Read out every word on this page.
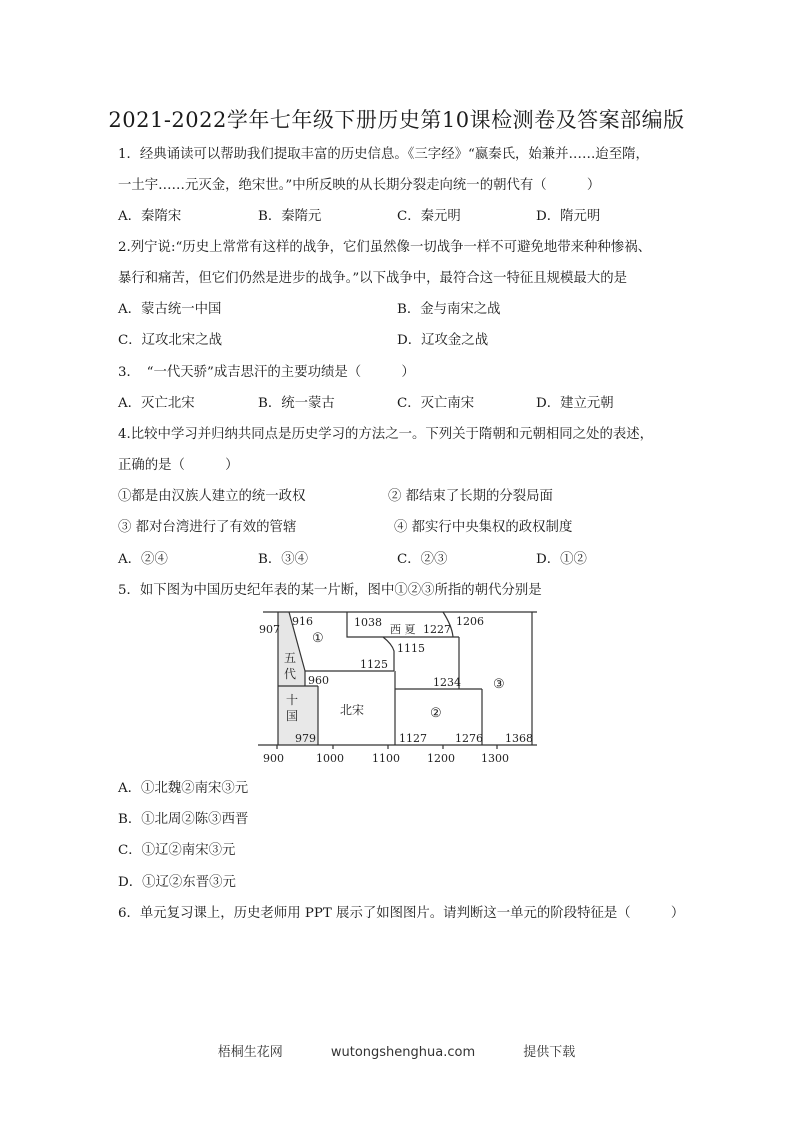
2021-2022学年七年级下册历史第10课检测卷及答案部编版
1．经典诵读可以帮助我们提取丰富的历史信息。《三字经》“嬴秦氏，始兼并……迨至隋，
一土宇……元灭金，绝宋世。”中所反映的从长期分裂走向统一的朝代有（　　　）
A．秦隋宋	B．秦隋元	C．秦元明	D．隋元明
2.列宁说:“历史上常常有这样的战争，它们虽然像一切战争一样不可避免地带来种种惨祸、
暴行和痛苦，但它们仍然是进步的战争。”以下战争中，最符合这一特征且规模最大的是
A．蒙古统一中国	B．金与南宋之战
C．辽攻北宋之战	D．辽攻金之战
3．　“一代天骄”成吉思汗的主要功绩是（　　　）
A．灭亡北宋	B．统一蒙古	C．灭亡南宋	D．建立元朝
4.比较中学习并归纳共同点是历史学习的方法之一。下列关于隋朝和元朝相同之处的表述，
正确的是（　　　）
①都是由汉族人建立的统一政权	② 都结束了长期的分裂局面
③ 都对台湾进行了有效的管辖	④ 都实行中央集权的政权制度
A．②④	B．③④	C．②③	D．①②
5．如下图为中国历史纪年表的某一片断，图中①②③所指的朝代分别是
907
916	1038
西 夏 1227
1206
①
1115
1125
五
代 960	1234 ③
十
国	北宋	②
979	1127	1276 1368
900	1000	1100 1200 1300
A．①北魏②南宋③元
B．①北周②陈③西晋
C．①辽②南宋③元
D．①辽②东晋③元
6．单元复习课上，历史老师用 PPT 展示了如图图片。请判断这一单元的阶段特征是（　　　）
梧桐生花网	wutongshenghua.com	提供下载
